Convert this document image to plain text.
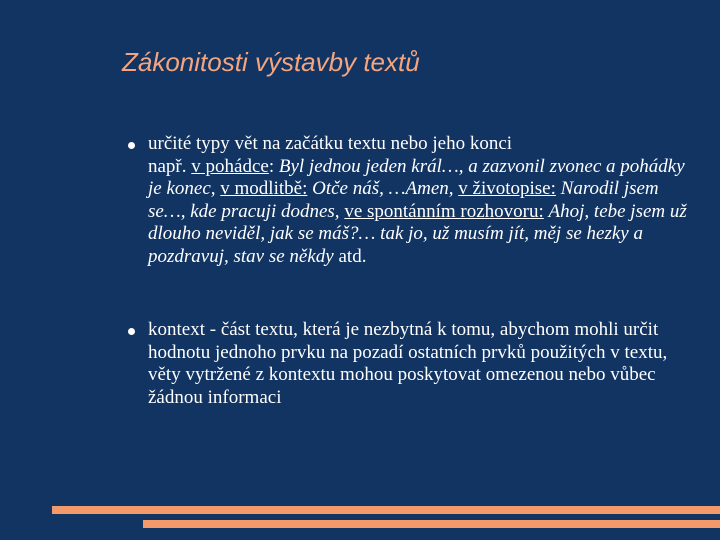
Zákonitosti výstavby textů
určité typy vět na začátku textu nebo jeho konci
např. v pohádce: Byl jednou jeden král…, a zazvonil zvonec a pohádky je konec, v modlitbě: Otče náš, …Amen, v životopise: Narodil jsem se…, kde pracuji dodnes, ve spontánním rozhovoru: Ahoj, tebe jsem už dlouho neviděl, jak se máš?… tak jo, už musím jít, měj se hezky a pozdravuj, stav se někdy atd.
kontext - část textu, která je nezbytná k tomu, abychom mohli určit hodnotu jednoho prvku na pozadí ostatních prvků použitých v textu, věty vytržené z kontextu mohou poskytovat omezenou nebo vůbec žádnou informaci
